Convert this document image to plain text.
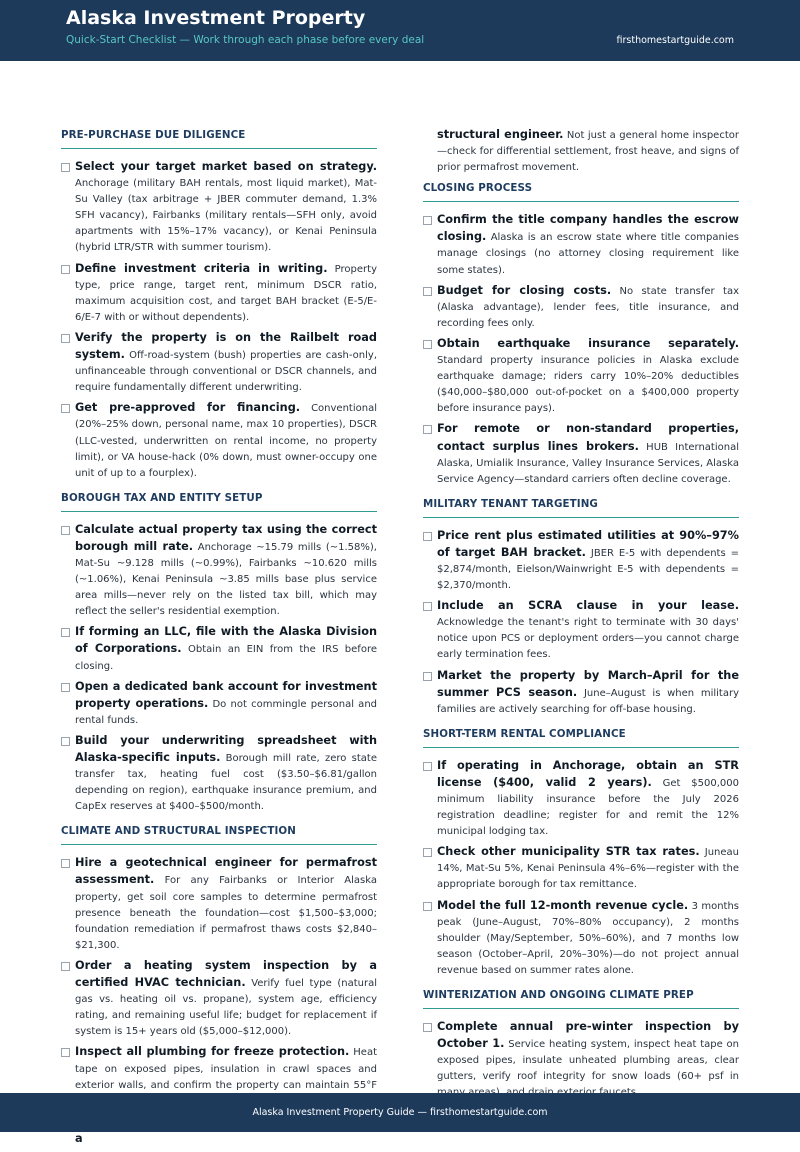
Alaska Investment Property
Quick-Start Checklist — Work through each phase before every deal	firsthomestartguide.com
PRE-PURCHASE DUE DILIGENCE
Select your target market based on strategy. Anchorage (military BAH rentals, most liquid market), Mat-Su Valley (tax arbitrage + JBER commuter demand, 1.3% SFH vacancy), Fairbanks (military rentals—SFH only, avoid apartments with 15%–17% vacancy), or Kenai Peninsula (hybrid LTR/STR with summer tourism).
Define investment criteria in writing. Property type, price range, target rent, minimum DSCR ratio, maximum acquisition cost, and target BAH bracket (E-5/E-6/E-7 with or without dependents).
Verify the property is on the Railbelt road system. Off-road-system (bush) properties are cash-only, unfinanceable through conventional or DSCR channels, and require fundamentally different underwriting.
Get pre-approved for financing. Conventional (20%–25% down, personal name, max 10 properties), DSCR (LLC-vested, underwritten on rental income, no property limit), or VA house-hack (0% down, must owner-occupy one unit of up to a fourplex).
BOROUGH TAX AND ENTITY SETUP
Calculate actual property tax using the correct borough mill rate. Anchorage ~15.79 mills (~1.58%), Mat-Su ~9.128 mills (~0.99%), Fairbanks ~10.620 mills (~1.06%), Kenai Peninsula ~3.85 mills base plus service area mills—never rely on the listed tax bill, which may reflect the seller's residential exemption.
If forming an LLC, file with the Alaska Division of Corporations. Obtain an EIN from the IRS before closing.
Open a dedicated bank account for investment property operations. Do not commingle personal and rental funds.
Build your underwriting spreadsheet with Alaska-specific inputs. Borough mill rate, zero state transfer tax, heating fuel cost ($3.50–$6.81/gallon depending on region), earthquake insurance premium, and CapEx reserves at $400–$500/month.
CLIMATE AND STRUCTURAL INSPECTION
Hire a geotechnical engineer for permafrost assessment. For any Fairbanks or Interior Alaska property, get soil core samples to determine permafrost presence beneath the foundation—cost $1,500–$3,000; foundation remediation if permafrost thaws costs $2,840–$21,300.
Order a heating system inspection by a certified HVAC technician. Verify fuel type (natural gas vs. heating oil vs. propane), system age, efficiency rating, and remaining useful life; budget for replacement if system is 15+ years old ($5,000–$12,000).
Inspect all plumbing for freeze protection. Heat tape on exposed pipes, insulation in crawl spaces and exterior walls, and confirm the property can maintain 55°F
a
structural engineer. Not just a general home inspector—check for differential settlement, frost heave, and signs of prior permafrost movement.
CLOSING PROCESS
Confirm the title company handles the escrow closing. Alaska is an escrow state where title companies manage closings (no attorney closing requirement like some states).
Budget for closing costs. No state transfer tax (Alaska advantage), lender fees, title insurance, and recording fees only.
Obtain earthquake insurance separately. Standard property insurance policies in Alaska exclude earthquake damage; riders carry 10%–20% deductibles ($40,000–$80,000 out-of-pocket on a $400,000 property before insurance pays).
For remote or non-standard properties, contact surplus lines brokers. HUB International Alaska, Umialik Insurance, Valley Insurance Services, Alaska Service Agency—standard carriers often decline coverage.
MILITARY TENANT TARGETING
Price rent plus estimated utilities at 90%–97% of target BAH bracket. JBER E-5 with dependents = $2,874/month, Eielson/Wainwright E-5 with dependents = $2,370/month.
Include an SCRA clause in your lease. Acknowledge the tenant's right to terminate with 30 days' notice upon PCS or deployment orders—you cannot charge early termination fees.
Market the property by March–April for the summer PCS season. June–August is when military families are actively searching for off-base housing.
SHORT-TERM RENTAL COMPLIANCE
If operating in Anchorage, obtain an STR license ($400, valid 2 years). Get $500,000 minimum liability insurance before the July 2026 registration deadline; register for and remit the 12% municipal lodging tax.
Check other municipality STR tax rates. Juneau 14%, Mat-Su 5%, Kenai Peninsula 4%–6%—register with the appropriate borough for tax remittance.
Model the full 12-month revenue cycle. 3 months peak (June–August, 70%–80% occupancy), 2 months shoulder (May/September, 50%–60%), and 7 months low season (October–April, 20%–30%)—do not project annual revenue based on summer rates alone.
WINTERIZATION AND ONGOING CLIMATE PREP
Complete annual pre-winter inspection by October 1. Service heating system, inspect heat tape on exposed pipes, insulate unheated plumbing areas, clear gutters, verify roof integrity for snow loads (60+ psf in
Alaska Investment Property Guide — firsthomestartguide.com
